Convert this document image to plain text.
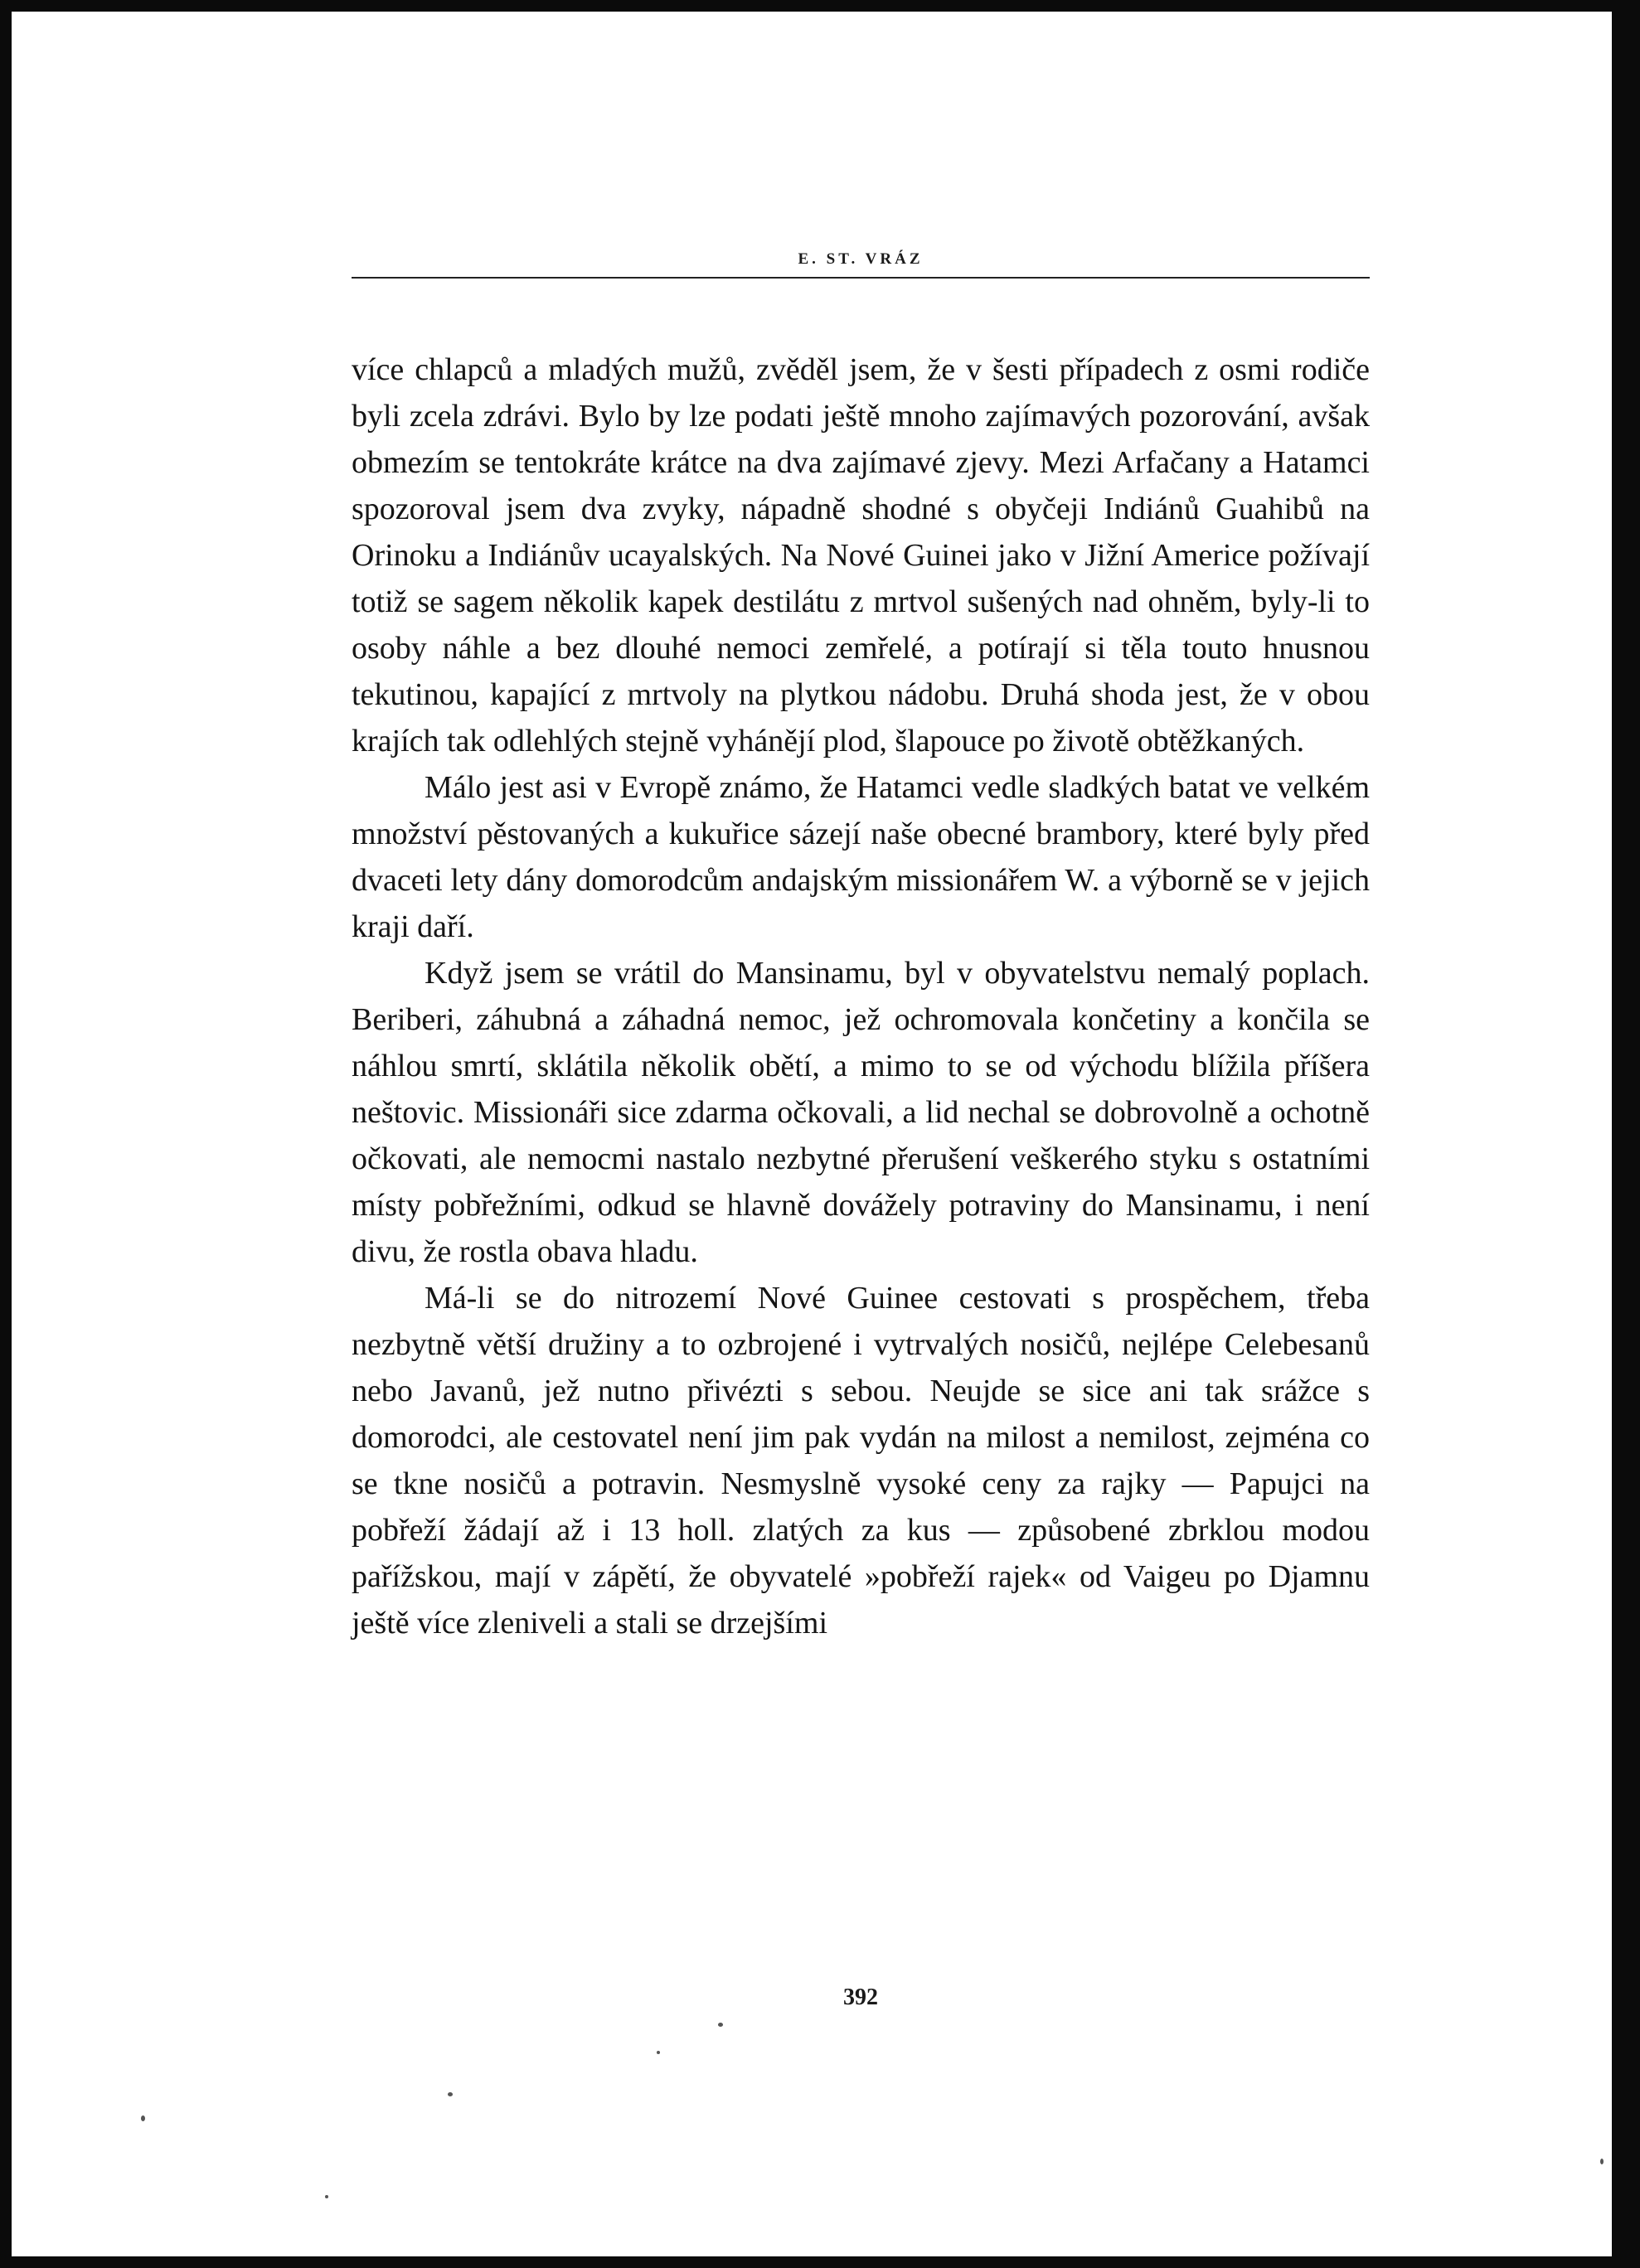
E. ST. VRÁZ

více chlapců a mladých mužů, zvěděl jsem, že v šesti případech z osmi rodiče byli zcela zdrávi. Bylo by lze podati ještě mnoho zajímavých pozorování, avšak obmezím se tentokráte krátce na dva zajímavé zjevy. Mezi Arfačany a Hatamci spozoroval jsem dva zvyky, nápadně shodné s obyčeji Indiánů Guahibů na Orinoku a Indiánův ucayalských. Na Nové Guinei jako v Jižní Americe požívají totiž se sagem několik kapek destilátu z mrtvol sušených nad ohněm, byly-li to osoby náhle a bez dlouhé nemoci zemřelé, a potírají si těla touto hnusnou tekutinou, kapající z mrtvoly na plytkou nádobu. Druhá shoda jest, že v obou krajích tak odlehlých stejně vyhánějí plod, šlapouce po životě obtěžkaných.

Málo jest asi v Evropě známo, že Hatamci vedle sladkých batat ve velkém množství pěstovaných a kukuřice sázejí naše obecné brambory, které byly před dvaceti lety dány domorodcům andajským missionářem W. a výborně se v jejich kraji daří.

Když jsem se vrátil do Mansinamu, byl v obyvatelstvu nemalý poplach. Beriberi, záhubná a záhadná nemoc, jež ochromovala končetiny a končila se náhlou smrtí, sklátila několik obětí, a mimo to se od východu blížila příšera neštovic. Missionáři sice zdarma očkovali, a lid nechal se dobrovolně a ochotně očkovati, ale nemocmi nastalo nezbytné přerušení veškerého styku s ostatními místy pobřežními, odkud se hlavně dovážely potraviny do Mansinamu, i není divu, že rostla obava hladu.

Má-li se do nitrozemí Nové Guinee cestovati s prospěchem, třeba nezbytně větší družiny a to ozbrojené i vytrvalých nosičů, nejlépe Celebesanů nebo Javanů, jež nutno přivézti s sebou. Neujde se sice ani tak srážce s domorodci, ale cestovatel není jim pak vydán na milost a nemilost, zejména co se tkne nosičů a potravin. Nesmyslně vysoké ceny za rajky — Papujci na pobřeží žádají až i 13 holl. zlatých za kus — způsobené zbrklou modou pařížskou, mají v zápětí, že obyvatelé »pobřeží rajek« od Vaigeu po Djamnu ještě více zleniveli a stali se drzejšími

392
